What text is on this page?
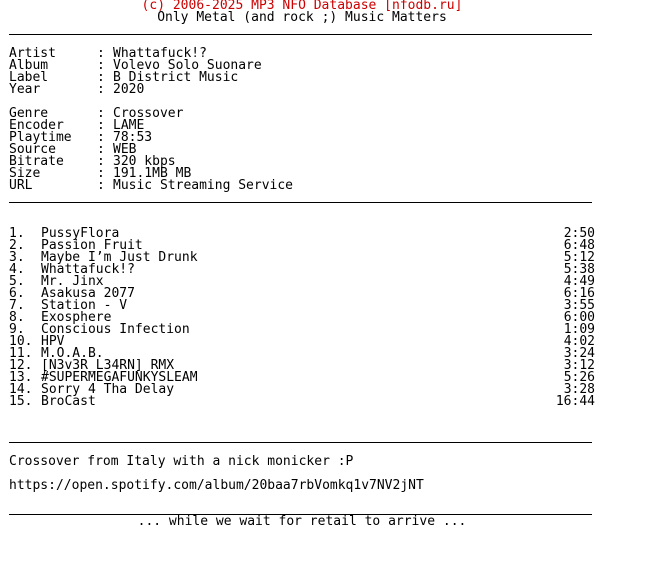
(c) 2006-2025 MP3 NFO Database [nfodb.ru]
Only Metal (and rock ;) Music Matters
Artist	: Whattafuck!?
Album	: Volevo Solo Suonare
Label	: B District Music
Year	: 2020
Genre	: Crossover
Encoder	: LAME
Playtime	: 78:53
Source	: WEB
Bitrate	: 320 kbps
Size	: 191.1MB MB
URL	: Music Streaming Service
1.	PussyFlora	2:50
2.	Passion Fruit	6:48
3.	Maybe I’m Just Drunk	5:12
4.	Whattafuck!?	5:38
5.	Mr. Jinx	4:49
6.	Asakusa 2077	6:16
7.	Station - V	3:55
8.	Exosphere	6:00
9.	Conscious Infection	1:09
10. HPV	4:02
11. M.O.A.B.	3:24
12. [N3v3R_L34RN] RMX	3:12
13. #SUPERMEGAFUNKYSLEAM	5:26
14. Sorry 4 Tha Delay	3:28
15. BroCast	16:44
Crossover from Italy with a nick monicker :P
https://open.spotify.com/album/20baa7rbVomkq1v7NV2jNT
... while we wait for retail to arrive ...
